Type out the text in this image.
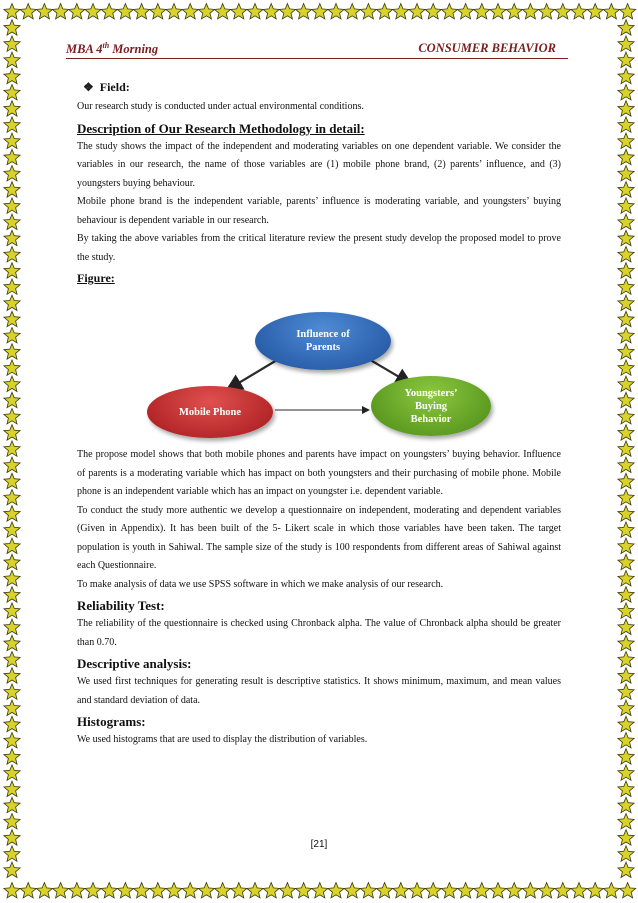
MBA 4th Morning	CONSUMER BEHAVIOR
❖ Field:

Our research study is conducted under actual environmental conditions.

Description of Our Research Methodology in detail:

The study shows the impact of the independent and moderating variables on one dependent variable. We consider the variables in our research, the name of those variables are (1) mobile phone brand, (2) parents’ influence, and (3) youngsters buying behaviour.

Mobile phone brand is the independent variable, parents’ influence is moderating variable, and youngsters’ buying behaviour is dependent variable in our research.

By taking the above variables from the critical literature review the present study develop the proposed model to prove the study.

Figure:
Influence of Parents
Mobile Phone
Youngsters’ Buying Behavior

The propose model shows that both mobile phones and parents have impact on youngsters’ buying behavior. Influence of parents is a moderating variable which has impact on both youngsters and their purchasing of mobile phone. Mobile phone is an independent variable which has an impact on youngster i.e. dependent variable.

To conduct the study more authentic we develop a questionnaire on independent, moderating and dependent variables (Given in Appendix). It has been built of the 5- Likert scale in which those variables have been taken. The target population is youth in Sahiwal. The sample size of the study is 100 respondents from different areas of Sahiwal against each Questionnaire.

To make analysis of data we use SPSS software in which we make analysis of our research.

Reliability Test:

The reliability of the questionnaire is checked using Chronback alpha. The value of Chronback alpha should be greater than 0.70.

Descriptive analysis:

We used first techniques for generating result is descriptive statistics. It shows minimum, maximum, and mean values and standard deviation of data.

Histograms:

We used histograms that are used to display the distribution of variables.

[21]
